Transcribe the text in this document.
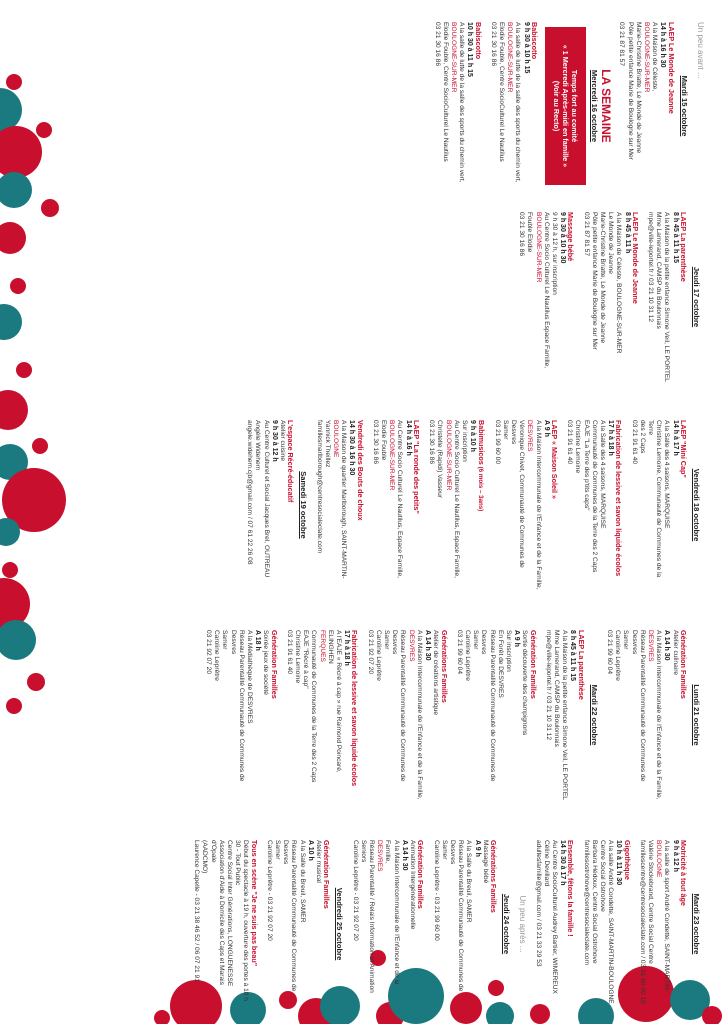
Un peu avant ...
Mardi 15 octobre
LAEP Le Monde de Jeanne
14 h à 16 h 30
A la Maison de Céleste,
BOULOGNE-SUR-MER
Marie-Christine Briatte, Le Monde de Jeanne
Pôle petite enfance Marie de Boulogne sur Mer
03 21 87 81 57
LA SEMAINE
Mercredi 16 octobre
Temps fort au comité
« 1 Mercredi Après-midi en famille »
(Voir au Recto)
Babiscotto
9 h 30 à 10 h 15
A la salle de lutte de la salle des sports du chemin vert,
BOULOGNE-SUR-MER
Elodie Fouble, Centre SocioCulturel Le Nautilus
03 21 30 16 86
Babiscotto
10 h 30 à 11 h 15
A la salle de lutte de la salle des sports du chemin vert,
BOULOGNE-SUR-MER
Elodie Fouble, Centre SocioCulturel Le Nautilus
03 21 30 16 86
Jeudi 17 octobre
LAEP La parenthèse
8 h 45 à 11 h 15
A la Maison de la petite enfance Simone Veil, LE PORTEL
Mme Lamerand, CAMSP du Boulonnais
mpe@ville-leportel.fr / 03 21 10 31 12
LAEP Le Monde de Jeanne
8 h 45 à 11 h
A la Maison de Céleste, BOULOGNE-SUR-MER
Le Monde de Jeanne
Marie-Christine Briatte, Le Monde de Jeanne
Pôle petite enfance Marie de Boulogne sur Mer
03 21 87 81 57
Massage bébé
9 h 30 à 10 h 30
9 h 30 à 12 h, sur inscription
Au Centre Socio Culturel Le Nautilus Espace Famille,
BOULOGNE-SUR-MER
Fouble Elodie
03 21 30 16 86
Vendredi 18 octobre
LAEP "Mini Cap"
14 h à 17 h
A la Salle des 4 saisons, MARQUISE
Christine Lemoine, Communauté de Communes de la Terre
des 2 Caps
03 21 91 61 40
Fabrication de lessive et savon liquide écolos
17 h à 18 h
A la Salle des 4 saisons, MARQUISE
Communauté de Communes de la Terre des 2 Caps
EAJE "La Terre des p'tits caps"
Christine Lemoine
03 21 91 61 40
LAEP « Maison Soleil »
A 9 h
A la Maison Intercommunale de l'Enfance et de la Famille,
DESVRES
Véronique Chivet, Communauté de Communes de Desvres
Samer
03 21 99 60 00
Babimusicos (6 mois – 3ans)
9 h à 10 h
Sur inscription
Au Centre Socio Culturel Le Nautilus, Espace Famille,
BOULOGNE-SUR-MER
Christelle (Rapidi) Vasseur
03 21 30 16 86
LAEP "La ronde des petits"
14 h à 16 h
Au Centre Socio Culturel Le Nautilus, Espace Famille,
BOULOGNE-SUR-MER
Elodie Fouble
03 21 30 16 86
Vendredi des Bouts de choux
14 h 30 à 16 h 30
A la Maison de quartier Marlborough, SAINT-MARTIN-
BOULOGNE
Yannick Theillez
famillesmarlborough@centresocialeclate.com
Samedi 19 octobre
L'espace Récré-éducatif
Atelier cuisine
9 h 30 à 12 h
Au Centre Culturel et Social Jacques Brel, OUTREAU
Angèle Widehem
angele.widehem.cjb@gmail.com / 07 61 22 26 08
Lundi 21 octobre
Génération Familles
Atelier culinaire
A 14 h 30
A la Maison Intercommunale de l'Enfance et de la Famille,
DESVRES
Réseau Parentalité Communauté de Communes de Desvres
Samer
Caroline Leprêtre
03 21 99 60 04
Mardi 22 octobre
LAEP La parenthèse
8 h 45 à 11 h 15
A la Maison de la petite enfance Simone Veil, LE PORTEL
Mme Lamerand, CAMSP du Boulonnais
mpe@ville-leportel.fr / 03 21 10 31 12
Génération Familles
Sortie découverte des champignons
A 9 h
Sur inscription
En Forêt de DESVRES
Réseau Parentalité Communauté de Communes de Desvres
Samer
Caroline Leprêtre
03 21 99 60 04
Générations Familles
Atelier de créations artistique
A 14 h 30
A la Maison Intercommunale de l'Enfance et de la Famille,
DESVRES
Réseau Parentalité Communauté de Communes de Desvres
Samer
Caroline Leprêtre
03 21 92 07 20
Fabrication de lessive et savon liquide écolos
17 h à 18 h
A l'EAJE « Récré à cap » rue Raimond Poincaré, ELINGHEN
FERQUES
Communauté de Communes de la Terre des 2 Caps
EAJE "Récré à cap"
Christine Lemoine
03 21 91 61 40
Génération Familles
Soirée jeux de société
A 18 h
A la Médiathèque de DESVRES
Réseau Parentalité Communauté de Communes de Desvres
Samer
Caroline Leprêtre
03 21 92 07 20
Mardi 23 octobre
Motricité à tout âge
9 h à 12 h
A la salle de sport André Condette, SAINT-MARTIN-
BOULOGNE
Valérie Stockebrand, Centre Social Centre
famillescentre@centresocialeclate.com / 03 91 90 00 10
Gigothèque
10 h à 11 h 30
A la salle André Condette, SAINT-MARTIN-BOULOGNE
Centre Social Ostrohove
Barbara Hédoux, Centre Social Ostrohove
famillesostrohove@centresocialeclate.com
Ensemble, fêtons la famille !
14 h 30 à 17 h
Au Centre SocioCulturel Audrey Bartier, WIMEREUX
Céline Devillard
adultesfamille@gmail.com / 03 21 33 29 53
Un peu après ...
Jeudi 24 octobre
Générations Familles
Massage bébé
A 9 h
A la Salle du Breuil, SAMER
Réseau Parentalité Communauté de Communes de Desvres
Samer
Caroline Leprêtre - 03 21 99 60 00
Génération Familles
Animation Intergénérationnelle
A 14 h 30
A la Maison Intercommunale de l'Enfance et de la Famille,
DESVRES
Réseau Parentalité / Relais Information et Animation
Seniors
Caroline Leprêtre - 03 21 92 07 20
Vendredi 25 octobre
Génération Familles
Atelier musical
A 10 h
A la Salle du Breuil, SAMER
Réseau Parentalité Communauté de Communes de Desvres
Samer
Caroline Leprêtre - 03 21 92 07 20
Tous en scène "Je ne suis pas beau"
Début du spectacle à 19 h, ouverture des portes à 18 h
30 - Tout Public
Centre Social Inter Générations, LONGUENESSE
Association d'Aide à Domicile des Caps et Marais d'Opale
(AADCMO)
Laurence Capelle - 03 21 38 46 52 / 06 07 21 91
